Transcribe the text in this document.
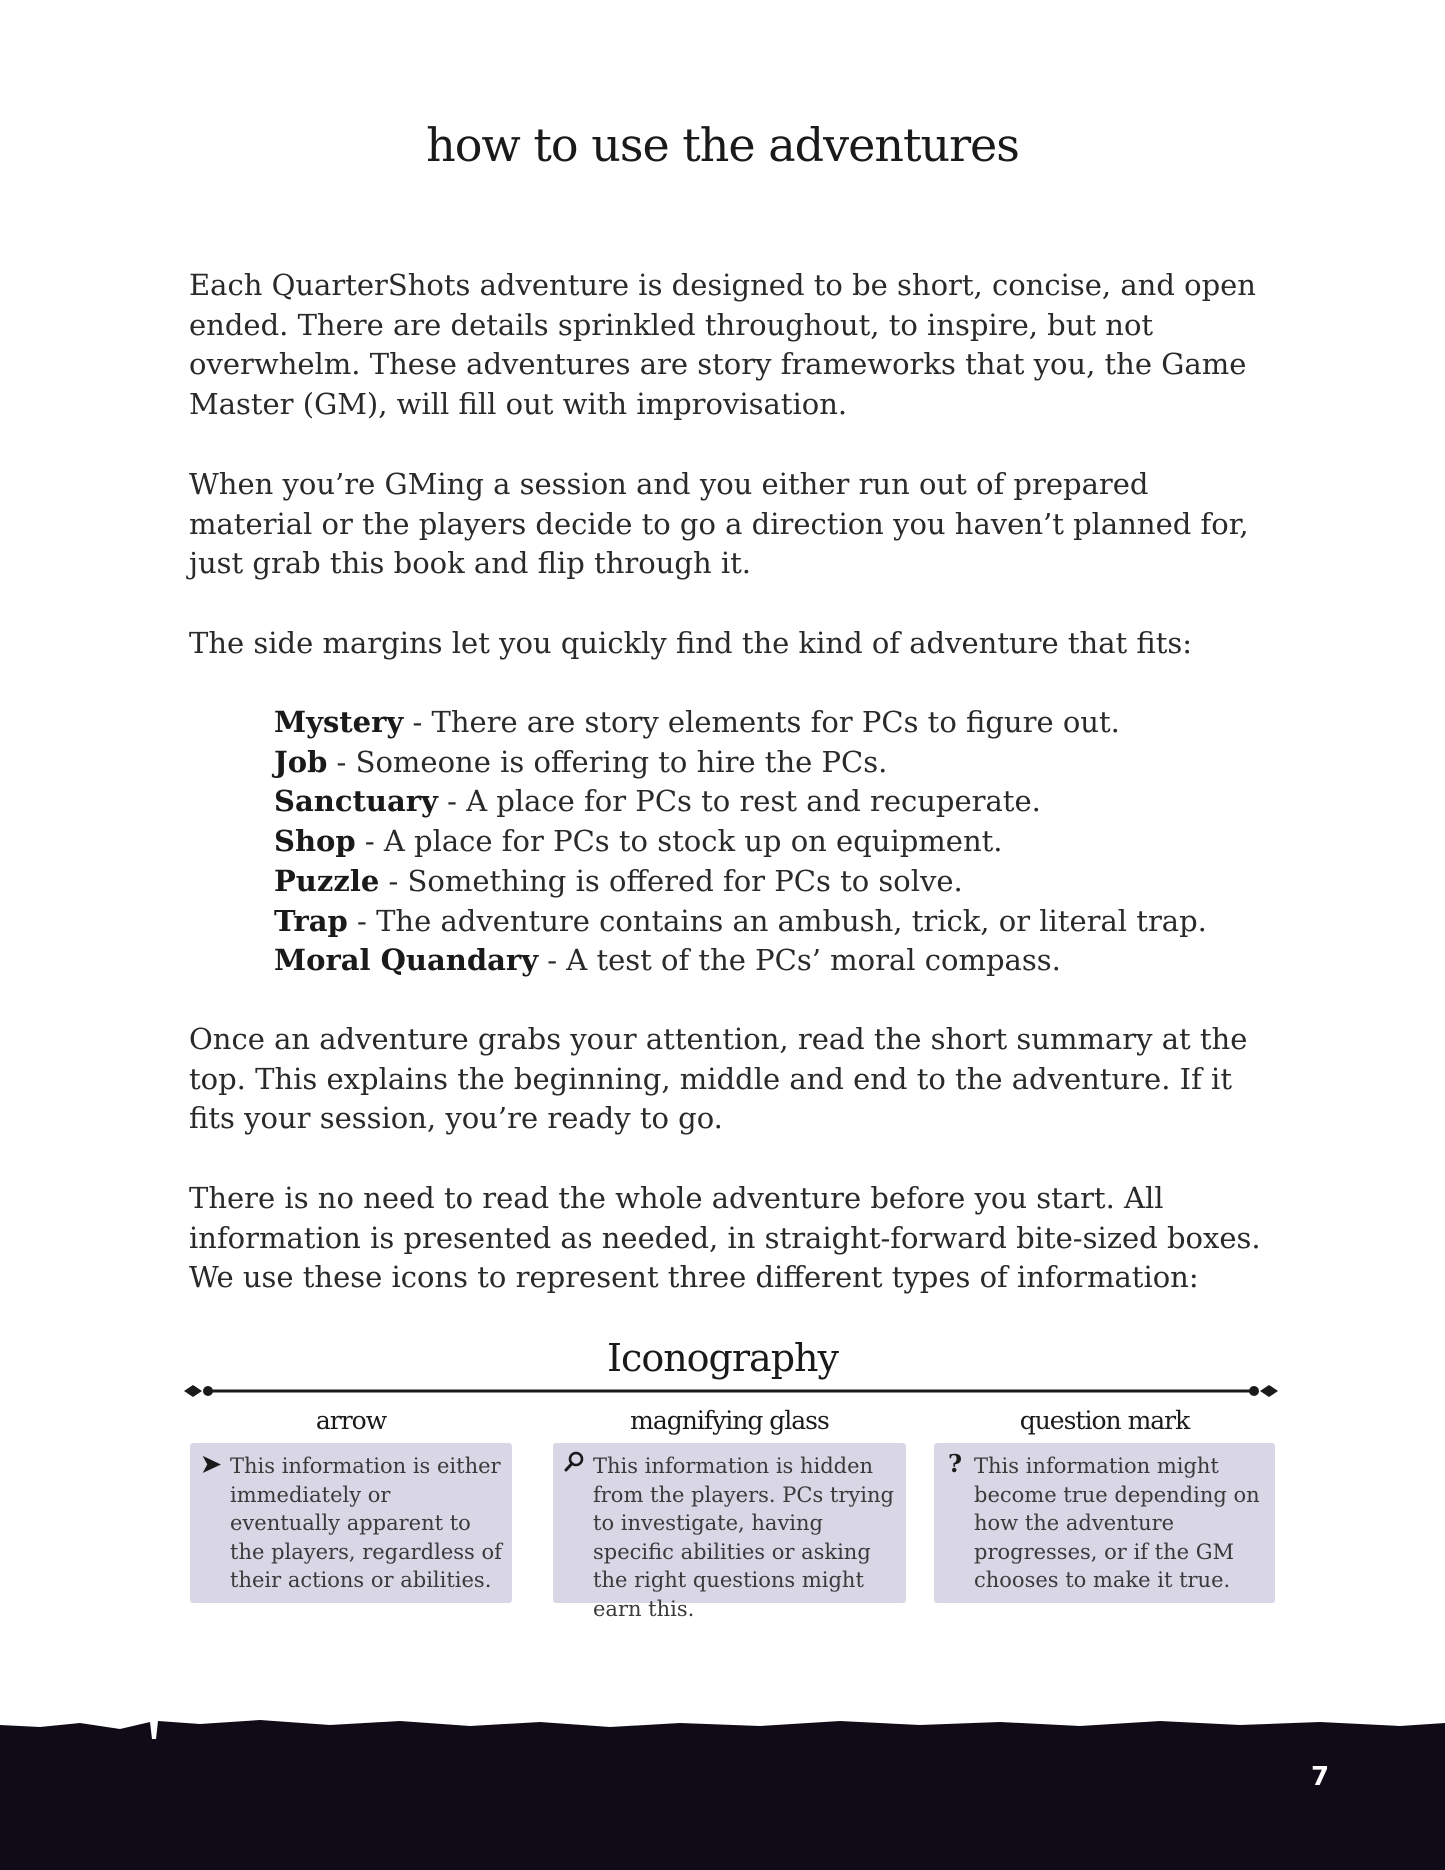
how to use the adventures

Each QuarterShots adventure is designed to be short, concise, and open ended. There are details sprinkled throughout, to inspire, but not overwhelm. These adventures are story frameworks that you, the Game Master (GM), will fill out with improvisation.

When you’re GMing a session and you either run out of prepared material or the players decide to go a direction you haven’t planned for, just grab this book and flip through it.

The side margins let you quickly find the kind of adventure that fits:

Mystery - There are story elements for PCs to figure out.
Job - Someone is offering to hire the PCs.
Sanctuary - A place for PCs to rest and recuperate.
Shop - A place for PCs to stock up on equipment.
Puzzle - Something is offered for PCs to solve.
Trap - The adventure contains an ambush, trick, or literal trap.
Moral Quandary - A test of the PCs’ moral compass.

Once an adventure grabs your attention, read the short summary at the top. This explains the beginning, middle and end to the adventure. If it fits your session, you’re ready to go.

There is no need to read the whole adventure before you start. All information is presented as needed, in straight-forward bite-sized boxes. We use these icons to represent three different types of information:

Iconography
arrow
➤ This information is either immediately or eventually apparent to the players, regardless of their actions or abilities.

magnifying glass

This information is hidden from the players. PCs trying to investigate, having specific abilities or asking the right questions might earn this.

question mark
? This information might become true depending on how the adventure progresses, or if the GM chooses to make it true.

7
